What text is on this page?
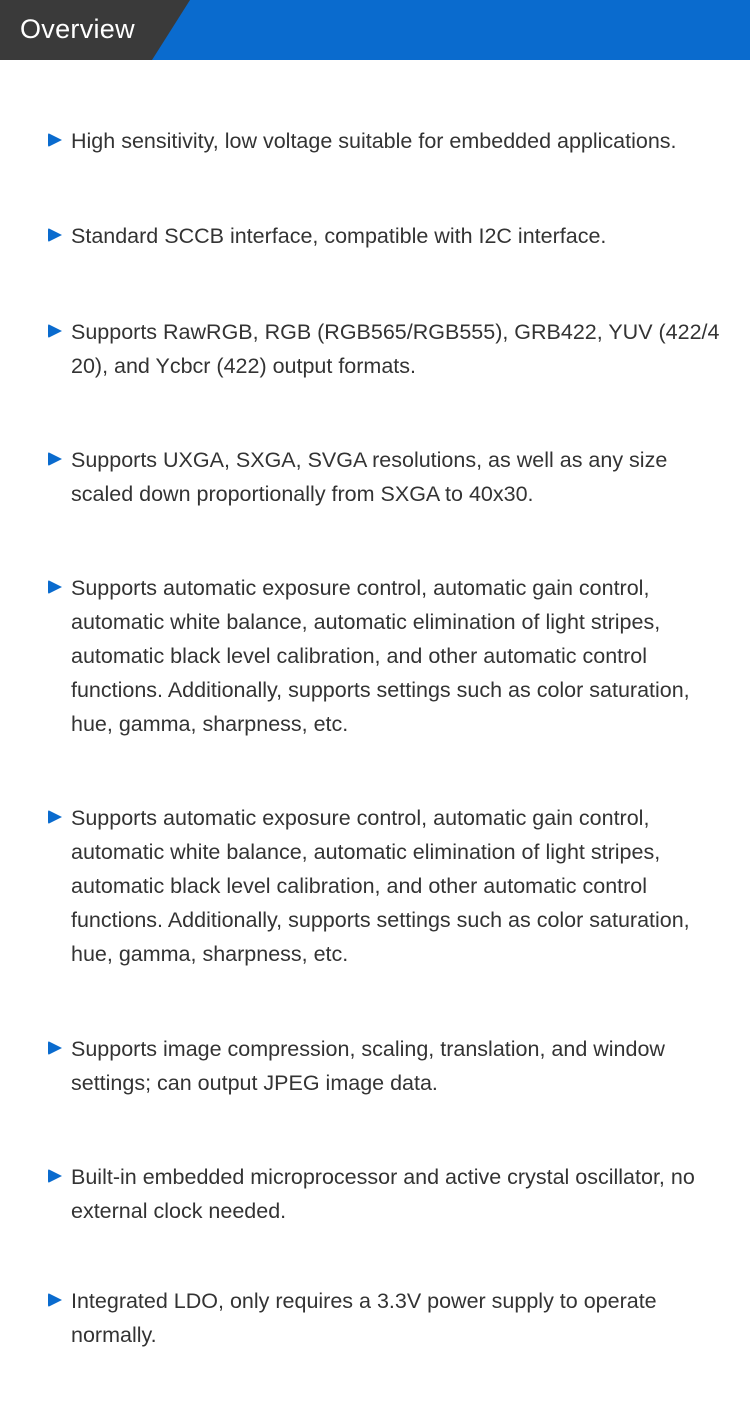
Overview
High sensitivity, low voltage suitable for embedded applications.
Standard SCCB interface, compatible with I2C interface.
Supports RawRGB, RGB (RGB565/RGB555), GRB422, YUV (422/4
20), and Ycbcr (422) output formats.
Supports UXGA, SXGA, SVGA resolutions, as well as any size
scaled down proportionally from SXGA to 40x30.
Supports automatic exposure control, automatic gain control,
automatic white balance, automatic elimination of light stripes,
automatic black level calibration, and other automatic control
functions. Additionally, supports settings such as color saturation,
hue, gamma, sharpness, etc.
Supports automatic exposure control, automatic gain control,
automatic white balance, automatic elimination of light stripes,
automatic black level calibration, and other automatic control
functions. Additionally, supports settings such as color saturation,
hue, gamma, sharpness, etc.
Supports image compression, scaling, translation, and window
settings; can output JPEG image data.
Built-in embedded microprocessor and active crystal oscillator, no
external clock needed.
Integrated LDO, only requires a 3.3V power supply to operate
normally.
